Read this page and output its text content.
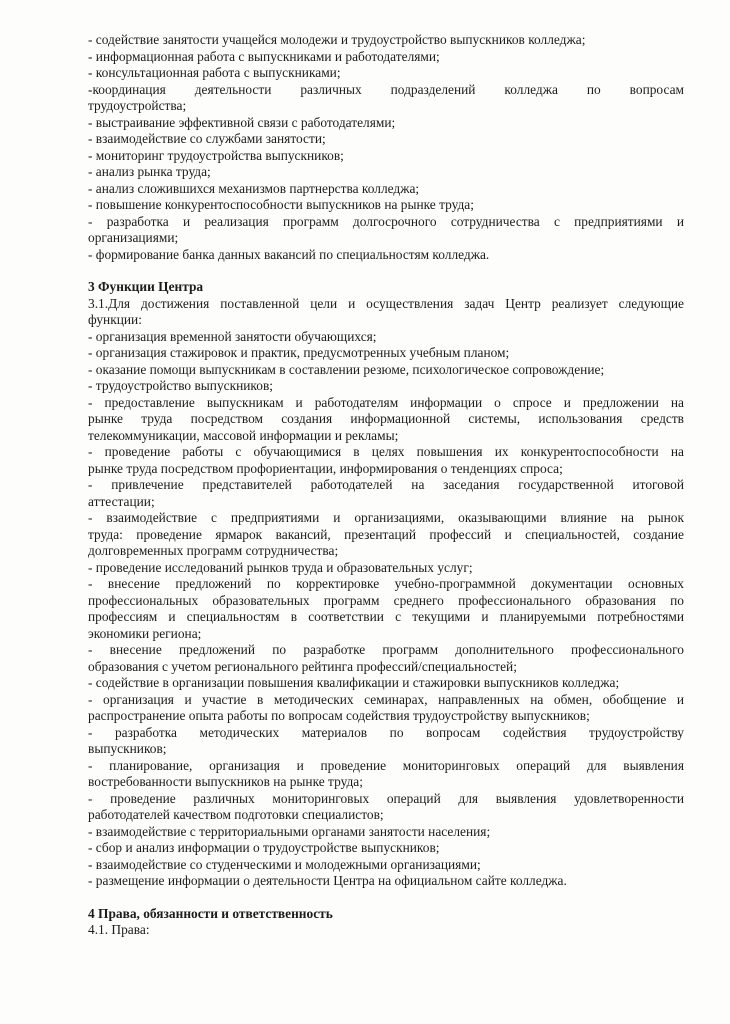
- содействие занятости учащейся молодежи и трудоустройство выпускников колледжа;
- информационная работа с выпускниками и работодателями;
- консультационная работа с выпускниками;
-координация деятельности различных подразделений колледжа по вопросам
трудоустройства;
- выстраивание эффективной связи с работодателями;
- взаимодействие со службами занятости;
- мониторинг трудоустройства выпускников;
- анализ рынка труда;
- анализ сложившихся механизмов партнерства колледжа;
- повышение конкурентоспособности выпускников на рынке труда;
- разработка и реализация программ долгосрочного сотрудничества с предприятиями и
организациями;
- формирование банка данных вакансий по специальностям колледжа.
3 Функции Центра
3.1.Для достижения поставленной цели и осуществления задач Центр реализует следующие
функции:
- организация временной занятости обучающихся;
- организация стажировок и практик, предусмотренных учебным планом;
- оказание помощи выпускникам в составлении резюме, психологическое сопровождение;
- трудоустройство выпускников;
- предоставление выпускникам и работодателям информации о спросе и предложении на
рынке труда посредством создания информационной системы, использования средств
телекоммуникации, массовой информации и рекламы;
- проведение работы с обучающимися в целях повышения их конкурентоспособности на
рынке труда посредством профориентации, информирования о тенденциях спроса;
- привлечение представителей работодателей на заседания государственной итоговой
аттестации;
- взаимодействие с предприятиями и организациями, оказывающими влияние на рынок
труда: проведение ярмарок вакансий, презентаций профессий и специальностей, создание
долговременных программ сотрудничества;
- проведение исследований рынков труда и образовательных услуг;
- внесение предложений по корректировке учебно-программной документации основных
профессиональных образовательных программ среднего профессионального образования по
профессиям и специальностям в соответствии с текущими и планируемыми потребностями
экономики региона;
- внесение предложений по разработке программ дополнительного профессионального
образования с учетом регионального рейтинга профессий/специальностей;
- содействие в организации повышения квалификации и стажировки выпускников колледжа;
- организация и участие в методических семинарах, направленных на обмен, обобщение и
распространение опыта работы по вопросам содействия трудоустройству выпускников;
- разработка методических материалов по вопросам содействия трудоустройству
выпускников;
- планирование, организация и проведение мониторинговых операций для выявления
востребованности выпускников на рынке труда;
- проведение различных мониторинговых операций для выявления удовлетворенности
работодателей качеством подготовки специалистов;
- взаимодействие с территориальными органами занятости населения;
- сбор и анализ информации о трудоустройстве выпускников;
- взаимодействие со студенческими и молодежными организациями;
- размещение информации о деятельности Центра на официальном сайте колледжа.
4 Права, обязанности и ответственность
4.1. Права:
